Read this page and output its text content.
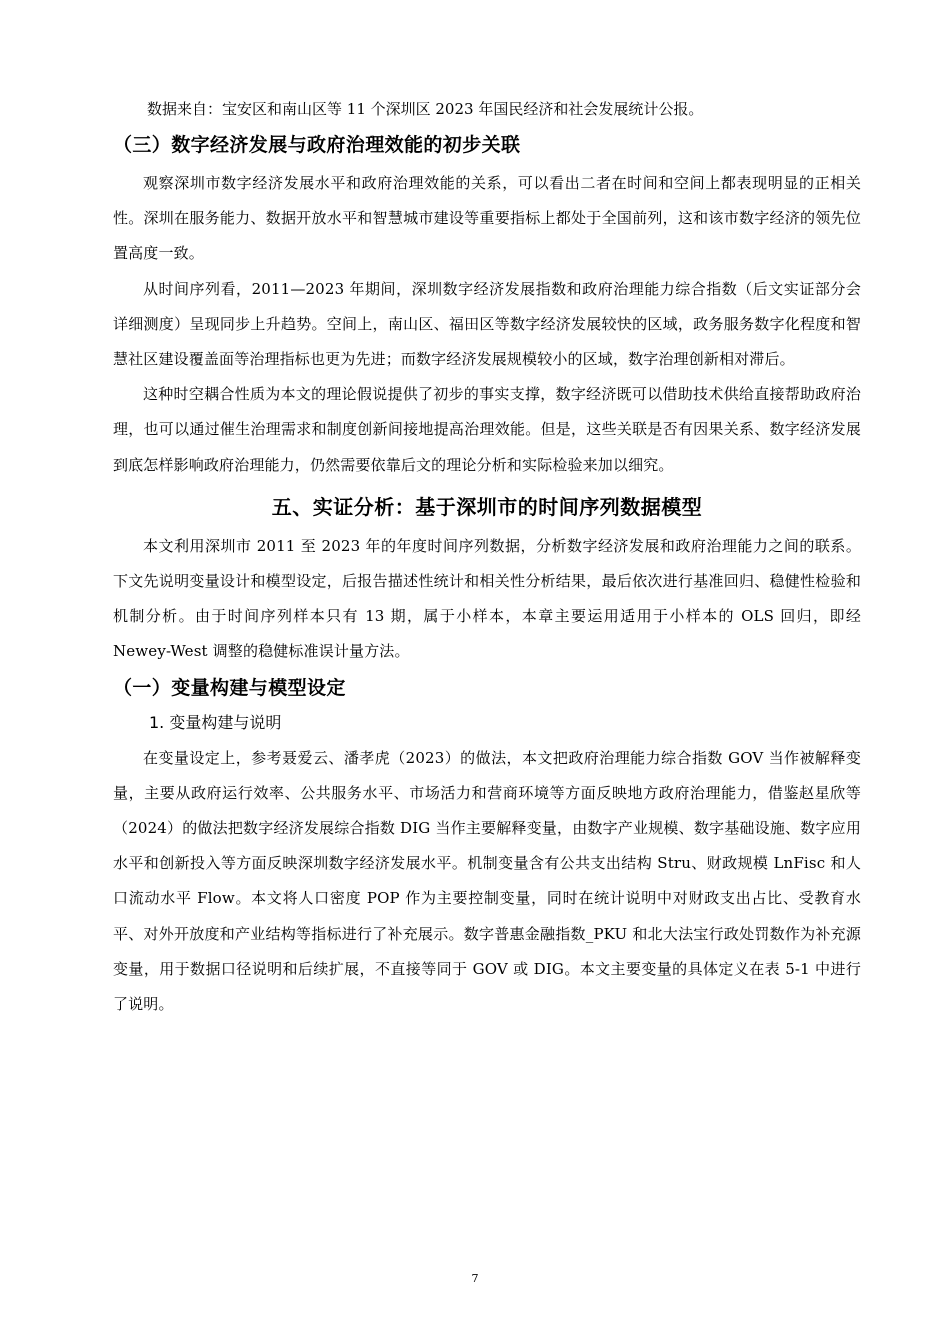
数据来自：宝安区和南山区等 11 个深圳区 2023 年国民经济和社会发展统计公报。

（三）数字经济发展与政府治理效能的初步关联

观察深圳市数字经济发展水平和政府治理效能的关系，可以看出二者在时间和空间上都表现明显的正相关性。深圳在服务能力、数据开放水平和智慧城市建设等重要指标上都处于全国前列，这和该市数字经济的领先位置高度一致。

从时间序列看，2011—2023 年期间，深圳数字经济发展指数和政府治理能力综合指数（后文实证部分会详细测度）呈现同步上升趋势。空间上，南山区、福田区等数字经济发展较快的区域，政务服务数字化程度和智慧社区建设覆盖面等治理指标也更为先进；而数字经济发展规模较小的区域，数字治理创新相对滞后。

这种时空耦合性质为本文的理论假说提供了初步的事实支撑，数字经济既可以借助技术供给直接帮助政府治理，也可以通过催生治理需求和制度创新间接地提高治理效能。但是，这些关联是否有因果关系、数字经济发展到底怎样影响政府治理能力，仍然需要依靠后文的理论分析和实际检验来加以细究。

五、实证分析：基于深圳市的时间序列数据模型

本文利用深圳市 2011 至 2023 年的年度时间序列数据，分析数字经济发展和政府治理能力之间的联系。下文先说明变量设计和模型设定，后报告描述性统计和相关性分析结果，最后依次进行基准回归、稳健性检验和机制分析。由于时间序列样本只有 13 期，属于小样本，本章主要运用适用于小样本的 OLS 回归，即经 Newey-West 调整的稳健标准误计量方法。

（一）变量构建与模型设定
1. 变量构建与说明

在变量设定上，参考聂爱云、潘孝虎（2023）的做法，本文把政府治理能力综合指数 GOV 当作被解释变量，主要从政府运行效率、公共服务水平、市场活力和营商环境等方面反映地方政府治理能力，借鉴赵星欣等（2024）的做法把数字经济发展综合指数 DIG 当作主要解释变量，由数字产业规模、数字基础设施、数字应用水平和创新投入等方面反映深圳数字经济发展水平。机制变量含有公共支出结构 Stru、财政规模 LnFisc 和人口流动水平 Flow。本文将人口密度 POP 作为主要控制变量，同时在统计说明中对财政支出占比、受教育水平、对外开放度和产业结构等指标进行了补充展示。数字普惠金融指数_PKU 和北大法宝行政处罚数作为补充源变量，用于数据口径说明和后续扩展，不直接等同于 GOV 或 DIG。本文主要变量的具体定义在表 5-1 中进行了说明。

7
